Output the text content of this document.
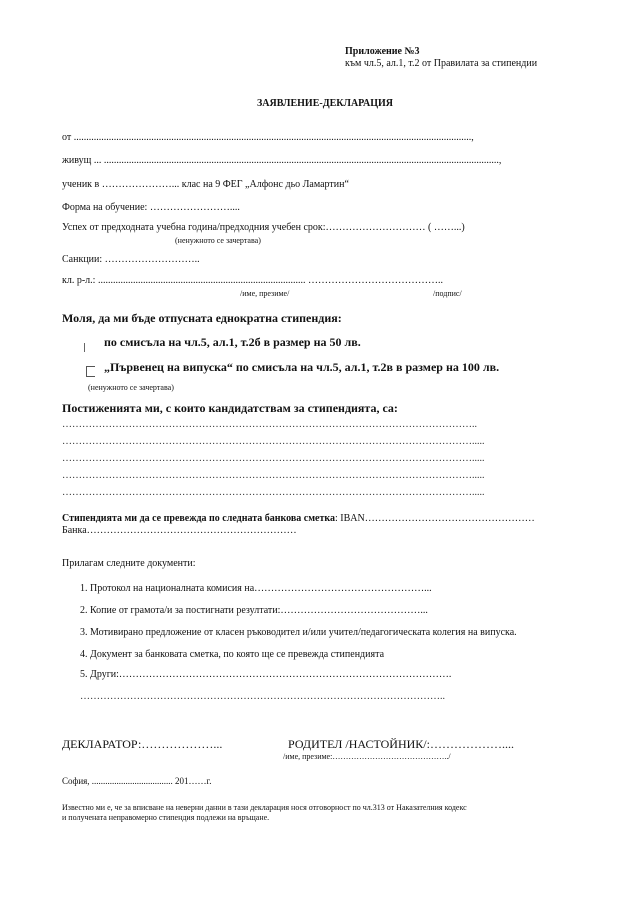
Приложение №3
към чл.5, ал.1, т.2 от Правилата за стипендии
ЗАЯВЛЕНИЕ-ДЕКЛАРАЦИЯ
от ...............................................................................................................................................................,
живущ ... ..............................................................................................................................................................,
ученик в …………………... клас на 9 ФЕГ „Алфонс дьо Ламартин“
Форма на обучение: ……………………....
Успех от предходната учебна година/предходния учебен срок:………………………… ( ……...)
(ненужното се зачертава)
Санкции: ………………………..
кл. р-л.: ................................................................................... …………………………………..
/име, презиме/	/подпис/
Моля, да ми бъде отпусната еднократна стипендия:
по смисъла на чл.5, ал.1, т.2б в размер на 50 лв.
„Първенец на випуска“ по смисъла на чл.5, ал.1, т.2в в размер на 100 лв.
(ненужното се зачертава)
Постиженията ми, с които кандидатствам за стипендията, са:
……………………………………………………………………………………………………………..
…………………………………………………………………………………………………………….....
…………………………………………………………………………………………………………….....
…………………………………………………………………………………………………………….....
…………………………………………………………………………………………………………….....
Стипендията ми да се превежда по следната банкова сметка: IBAN……………………………………………
Банка………………………………………………………
Прилагам следните документи:
1. Протокол на националната комисия на……………………………………………...
2. Копие от грамота/и за постигнати резултати:……………………………………...
3. Мотивирано предложение от класен ръководител и/или учител/педагогическата колегия на випуска.
4. Документ за банковата сметка, по която ще се превежда стипендията
5. Други:……………………………………………………………………………………….
………………………………………………………………………………………………..
ДЕКЛАРАТОР:………………...	РОДИТЕЛ /НАСТОЙНИК/:………………....
/име, презиме:……………………………………../
София, .................................... 201……г.
Известно ми е, че за вписване на неверни данни в тази декларация нося отговорност по чл.313 от Наказателния кодекс
и получената неправомерно стипендия подлежи на връщане.
